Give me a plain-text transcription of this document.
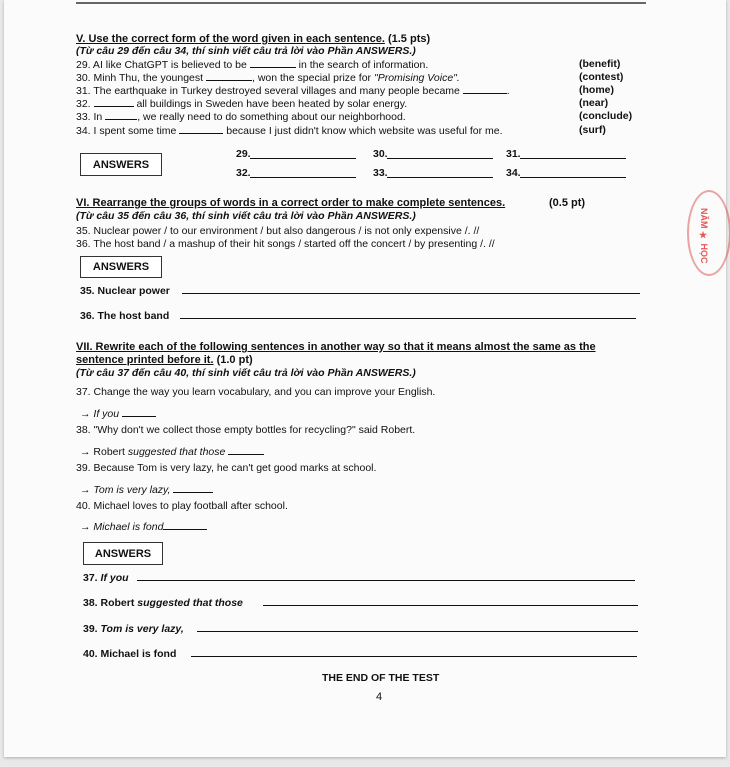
V. Use the correct form of the word given in each sentence. (1.5 pts)
(Từ câu 29 đến câu 34, thí sinh viết câu trả lời vào Phần ANSWERS.)
29. AI like ChatGPT is believed to be	in the search of information.	(benefit)
30. Minh Thu, the youngest	, won the special prize for "Promising Voice".	(contest)
31. The earthquake in Turkey destroyed several villages and many people became	.	(home)
32.	all buildings in Sweden have been heated by solar energy.	(near)
33. In	, we really need to do something about our neighborhood.	(conclude)
34. I spent some time	because I just didn't know which website was useful for me.	(surf)
ANSWERS
29.	30.	31.
32.	33.	34.
VI. Rearrange the groups of words in a correct order to make complete sentences.	(0.5 pt)
(Từ câu 35 đến câu 36, thí sinh viết câu trả lời vào Phần ANSWERS.)
35. Nuclear power / to our environment / but also dangerous / is not only expensive /. //
36. The host band / a mashup of their hit songs / started off the concert / by presenting /. //
ANSWERS
35. Nuclear power
36. The host band
VII. Rewrite each of the following sentences in another way so that it means almost the same as the
sentence printed before it. (1.0 pt)
(Từ câu 37 đến câu 40, thí sinh viết câu trả lời vào Phần ANSWERS.)
37. Change the way you learn vocabulary, and you can improve your English.
→ If you
38. "Why don't we collect those empty bottles for recycling?" said Robert.
→ Robert suggested that those
39. Because Tom is very lazy, he can't get good marks at school.
→ Tom is very lazy,
40. Michael loves to play football after school.
→ Michael is fond
ANSWERS
37. If you
38. Robert suggested that those
39. Tom is very lazy,
40. Michael is fond
THE END OF THE TEST
4
NĂM ★ HỌC
